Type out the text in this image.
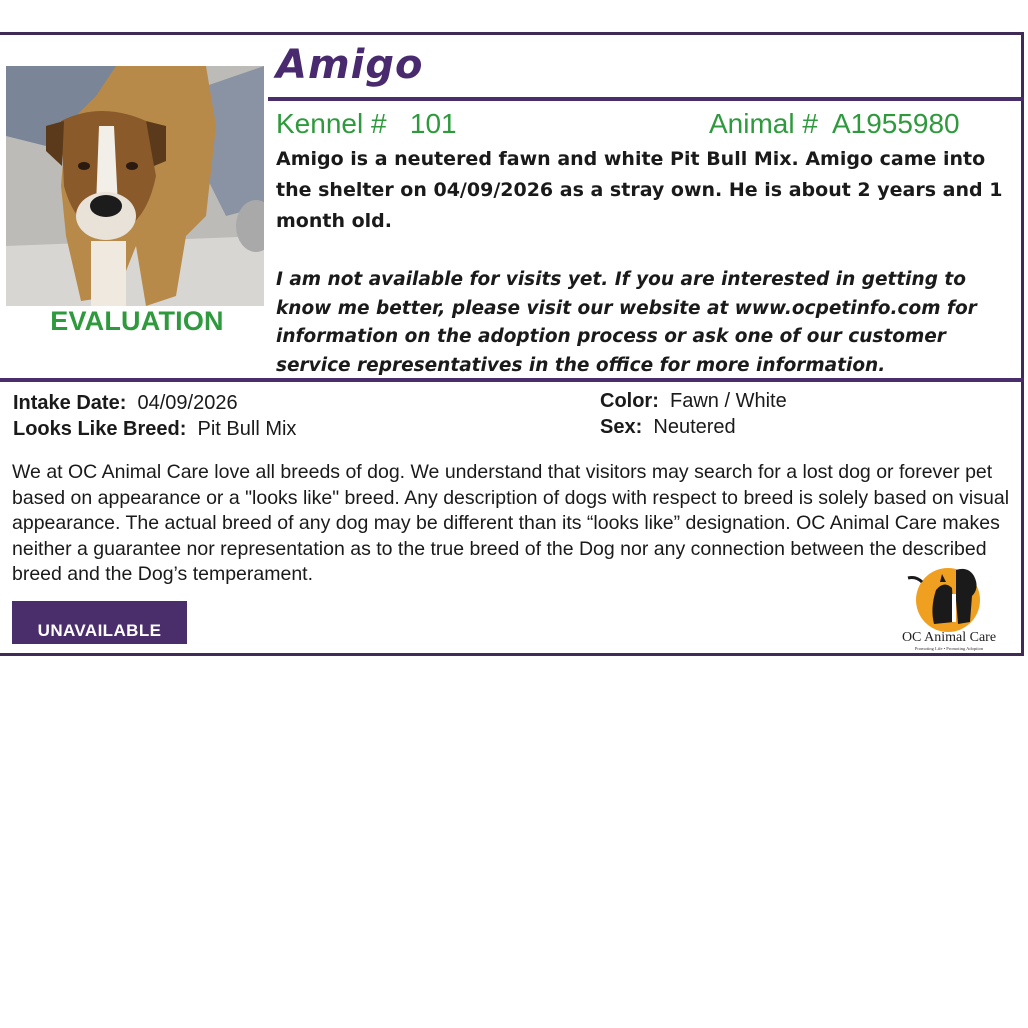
EVALUATION
Amigo
Kennel #   101	Animal #  A1955980
Amigo is a neutered fawn and white Pit Bull Mix. Amigo came into the shelter on 04/09/2026 as a stray own. He is about 2 years and 1 month old.
I am not available for visits yet. If you are interested in getting to know me better, please visit our website at www.ocpetinfo.com for information on the adoption process or ask one of our customer service representatives in the office for more information.
Intake Date: 04/09/2026
Looks Like Breed: Pit Bull Mix
Color: Fawn / White
Sex: Neutered
We at OC Animal Care love all breeds of dog. We understand that visitors may search for a lost dog or forever pet based on appearance or a "looks like" breed. Any description of dogs with respect to breed is solely based on visual appearance. The actual breed of any dog may be different than its “looks like” designation. OC Animal Care makes neither a guarantee nor representation as to the true breed of the Dog nor any connection between the described breed and the Dog’s temperament.
UNAVAILABLE	OC Animal Care
Promoting Life • Promoting Adoption
